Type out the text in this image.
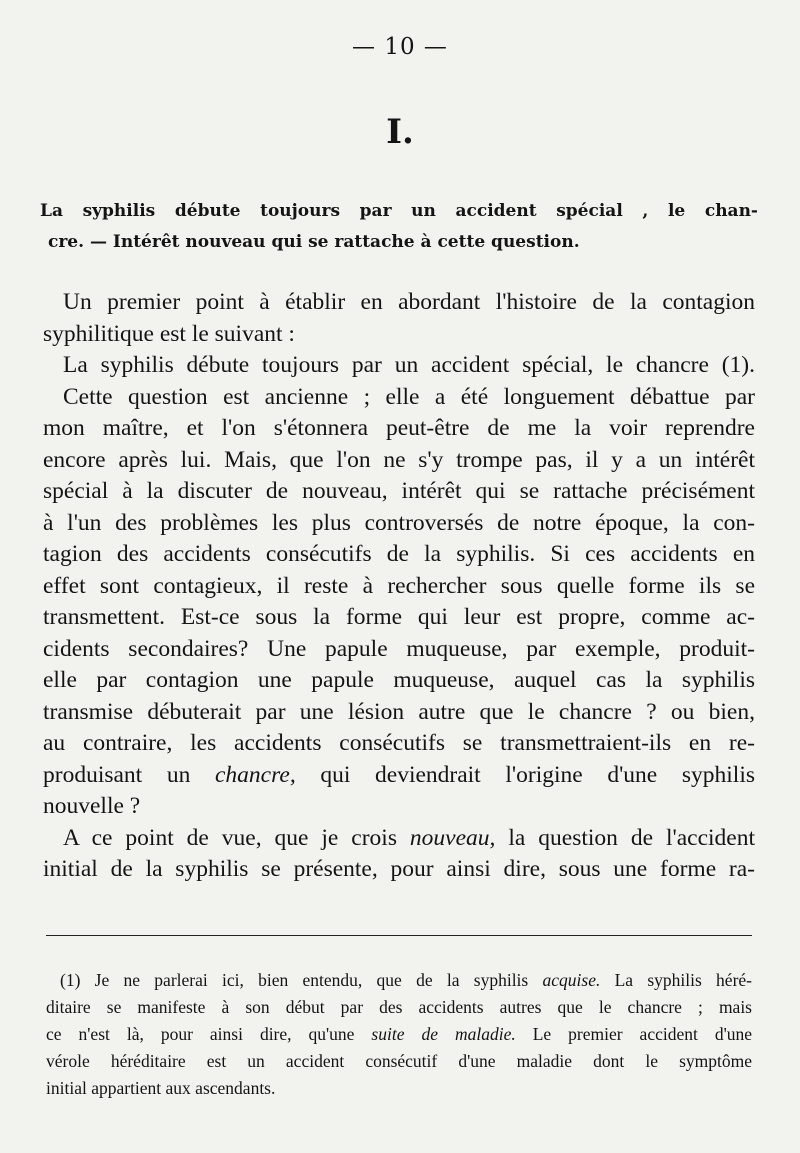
— 10 —
I.
La syphilis débute toujours par un accident spécial , le chan-
cre. — Intérêt nouveau qui se rattache à cette question.
Un premier point à établir en abordant l'histoire de la contagion
syphilitique est le suivant :
La syphilis débute toujours par un accident spécial, le chancre (1).
Cette question est ancienne ; elle a été longuement débattue par
mon maître, et l'on s'étonnera peut-être de me la voir reprendre
encore après lui. Mais, que l'on ne s'y trompe pas, il y a un intérêt
spécial à la discuter de nouveau, intérêt qui se rattache précisément
à l'un des problèmes les plus controversés de notre époque, la con-
tagion des accidents consécutifs de la syphilis. Si ces accidents en
effet sont contagieux, il reste à rechercher sous quelle forme ils se
transmettent. Est-ce sous la forme qui leur est propre, comme ac-
cidents secondaires? Une papule muqueuse, par exemple, produit-
elle par contagion une papule muqueuse, auquel cas la syphilis
transmise débuterait par une lésion autre que le chancre ? ou bien,
au contraire, les accidents consécutifs se transmettraient-ils en re-
produisant un chancre, qui deviendrait l'origine d'une syphilis
nouvelle ?
A ce point de vue, que je crois nouveau, la question de l'accident
initial de la syphilis se présente, pour ainsi dire, sous une forme ra-
(1) Je ne parlerai ici, bien entendu, que de la syphilis acquise. La syphilis héré-
ditaire se manifeste à son début par des accidents autres que le chancre ; mais
ce n'est là, pour ainsi dire, qu'une suite de maladie. Le premier accident d'une
vérole héréditaire est un accident consécutif d'une maladie dont le symptôme
initial appartient aux ascendants.
